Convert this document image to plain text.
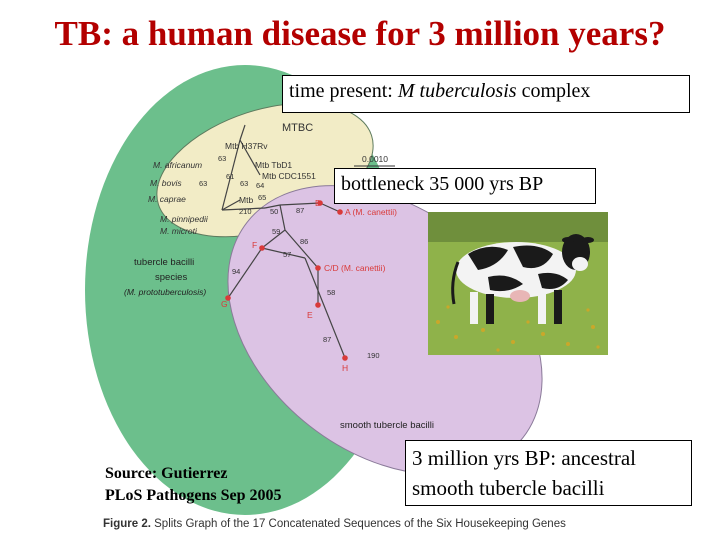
TB: a human disease for 3 million years?
MTBC
Mtb H37Rv
M. africanum	Mtb TbD1
Mtb CDC1551
M. bovis
M. caprae	Mtb
M. pinnipedii
M. microti
63
61
63	63 64
65
210 50 87
59
86
57
94
58
87
190
B
A (M. canettii)
F
G
C/D (M. canettii)
E
H
0.0010
tubercle bacilli
species
(M. prototuberculosis)
smooth tubercle bacilli
time present: M tuberculosis complex
bottleneck 35 000 yrs BP
3 million yrs BP: ancestral smooth tubercle bacilli
Source: Gutierrez
PLoS Pathogens Sep 2005
Figure 2. Splits Graph of the 17 Concatenated Sequences of the Six Housekeeping Genes
